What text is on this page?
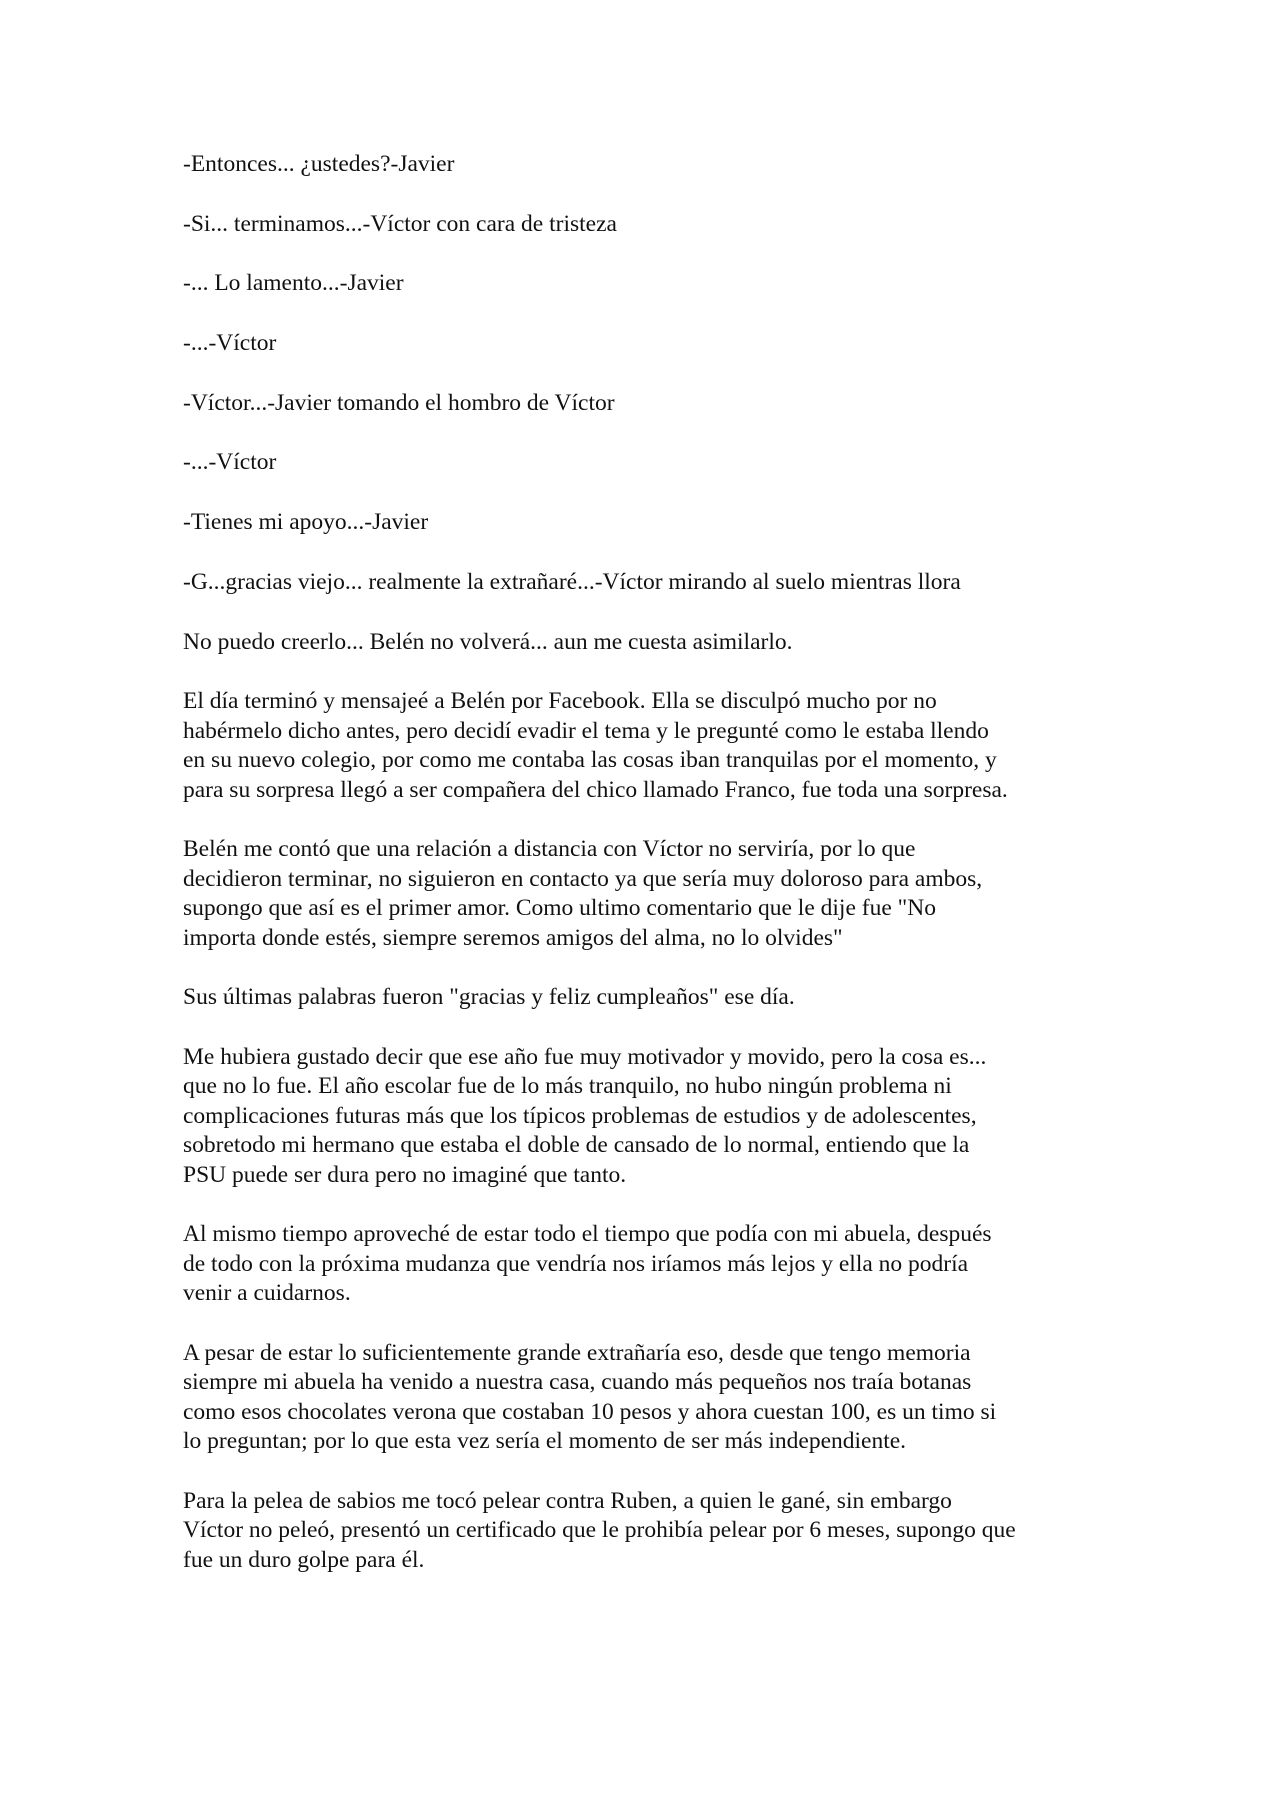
-Entonces... ¿ustedes?-Javier

-Si... terminamos...-Víctor con cara de tristeza

-... Lo lamento...-Javier

-...-Víctor

-Víctor...-Javier tomando el hombro de Víctor

-...-Víctor

-Tienes mi apoyo...-Javier

-G...gracias viejo... realmente la extrañaré...-Víctor mirando al suelo mientras llora

No puedo creerlo... Belén no volverá... aun me cuesta asimilarlo.

El día terminó y mensajeé a Belén por Facebook. Ella se disculpó mucho por no
habérmelo dicho antes, pero decidí evadir el tema y le pregunté como le estaba llendo
en su nuevo colegio, por como me contaba las cosas iban tranquilas por el momento, y
para su sorpresa llegó a ser compañera del chico llamado Franco, fue toda una sorpresa.

Belén me contó que una relación a distancia con Víctor no serviría, por lo que
decidieron terminar, no siguieron en contacto ya que sería muy doloroso para ambos,
supongo que así es el primer amor. Como ultimo comentario que le dije fue "No
importa donde estés, siempre seremos amigos del alma, no lo olvides"

Sus últimas palabras fueron "gracias y feliz cumpleaños" ese día.

Me hubiera gustado decir que ese año fue muy motivador y movido, pero la cosa es...
que no lo fue. El año escolar fue de lo más tranquilo, no hubo ningún problema ni
complicaciones futuras más que los típicos problemas de estudios y de adolescentes,
sobretodo mi hermano que estaba el doble de cansado de lo normal, entiendo que la
PSU puede ser dura pero no imaginé que tanto.

Al mismo tiempo aproveché de estar todo el tiempo que podía con mi abuela, después
de todo con la próxima mudanza que vendría nos iríamos más lejos y ella no podría
venir a cuidarnos.

A pesar de estar lo suficientemente grande extrañaría eso, desde que tengo memoria
siempre mi abuela ha venido a nuestra casa, cuando más pequeños nos traía botanas
como esos chocolates verona que costaban 10 pesos y ahora cuestan 100, es un timo si
lo preguntan; por lo que esta vez sería el momento de ser más independiente.

Para la pelea de sabios me tocó pelear contra Ruben, a quien le gané, sin embargo
Víctor no peleó, presentó un certificado que le prohibía pelear por 6 meses, supongo que
fue un duro golpe para él.
